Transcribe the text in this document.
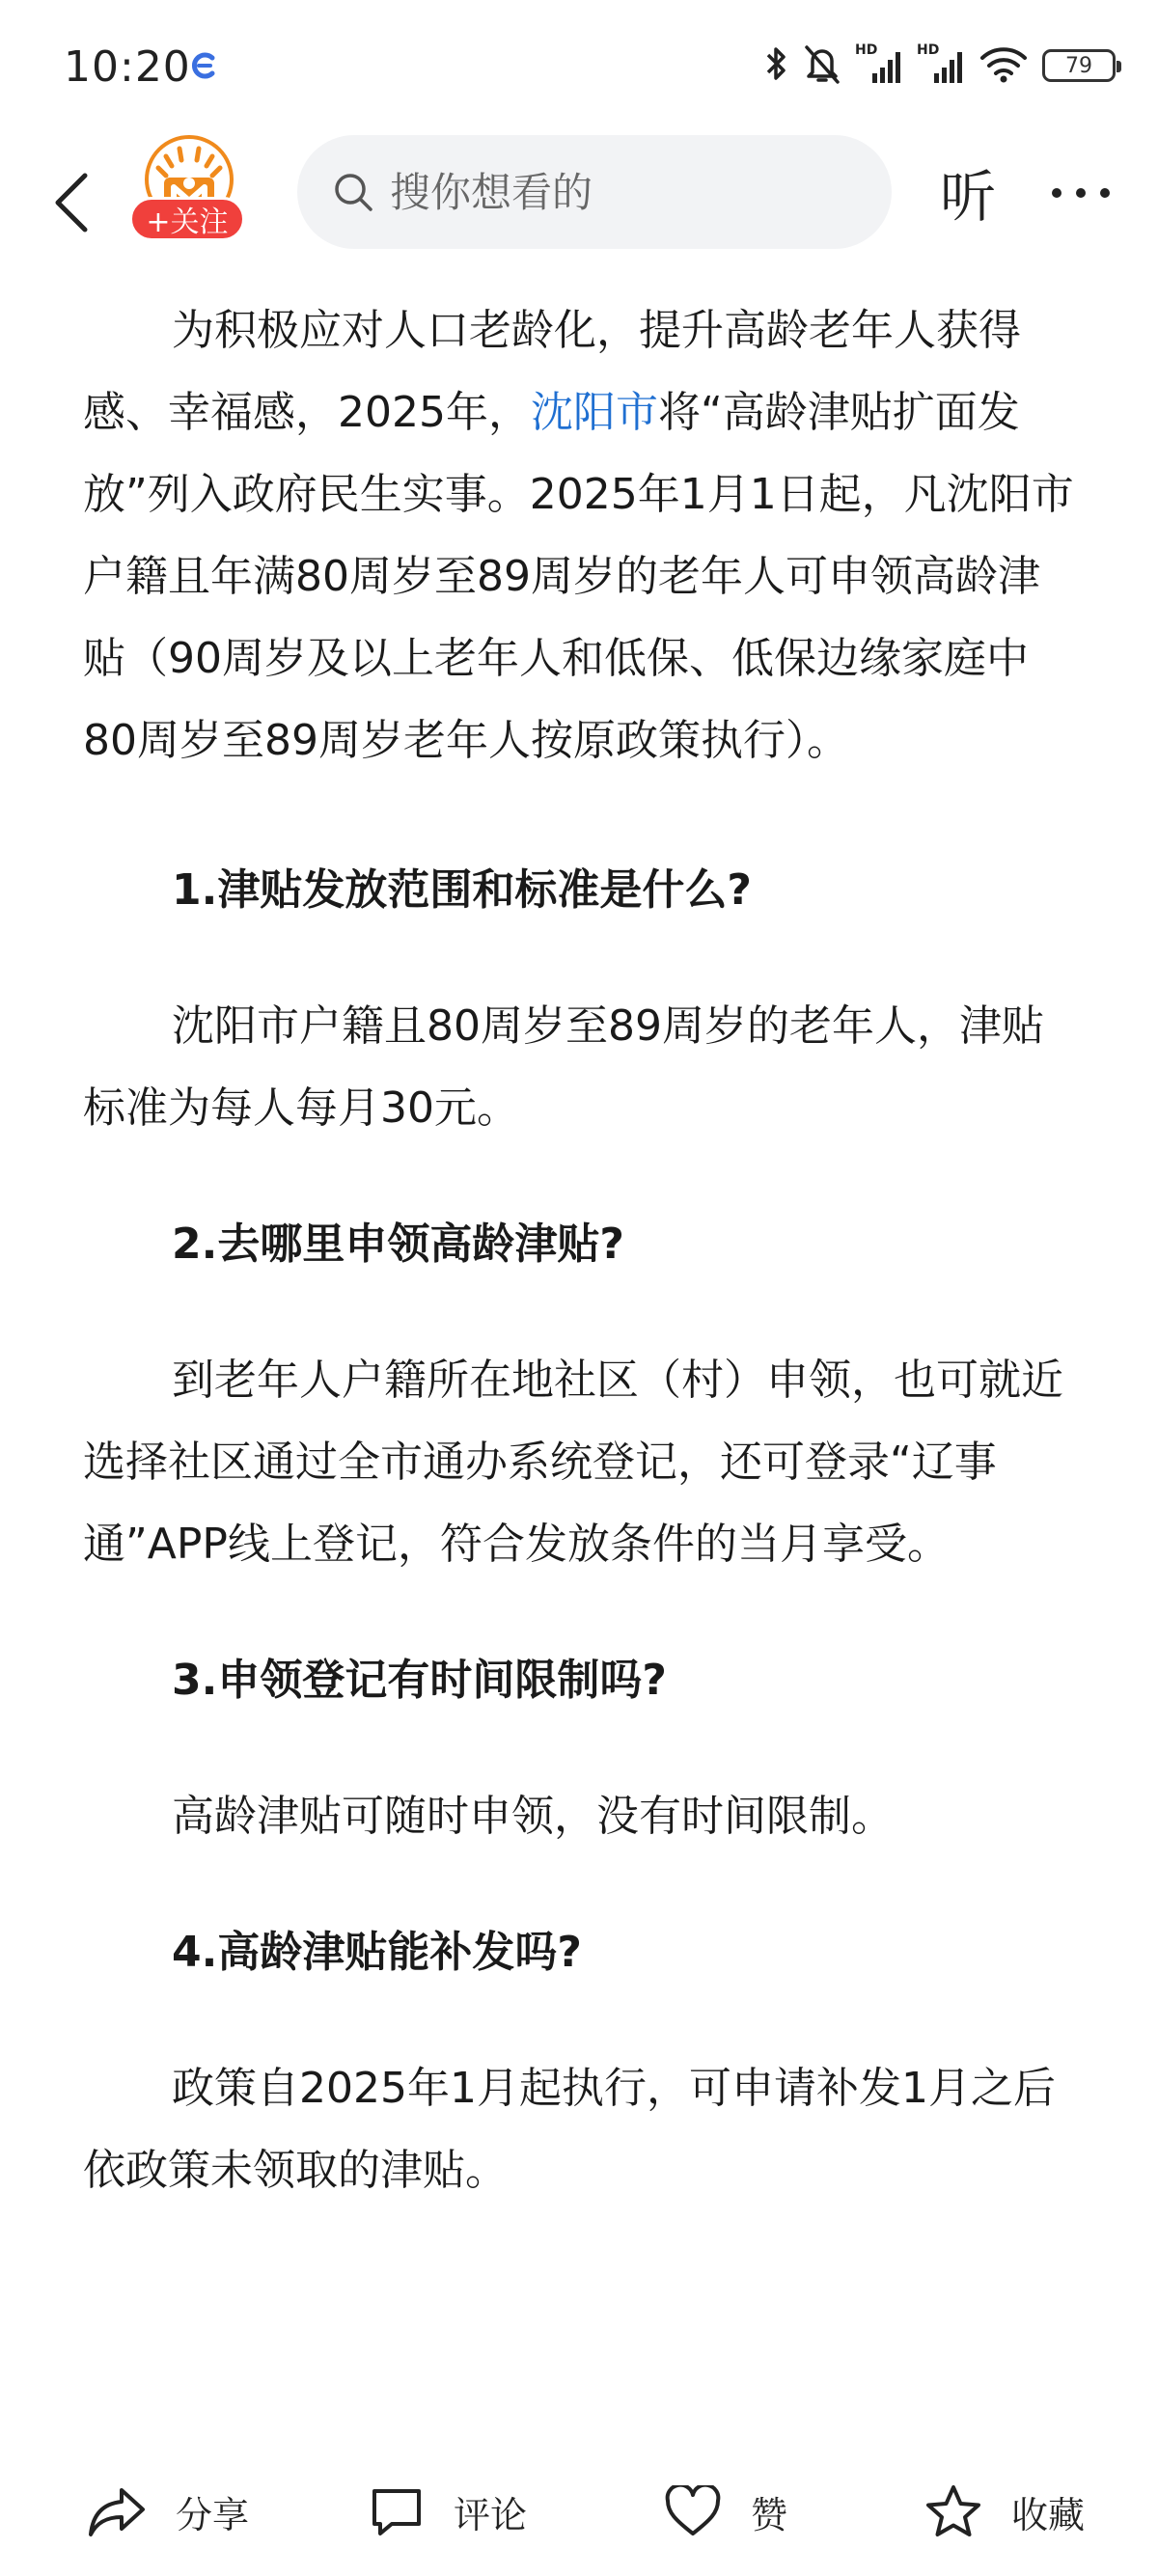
10:20	HD	HD
79
+关注
搜你想看的	听

为积极应对人口老龄化，提升高龄老年人获得感、幸福感，2025年，沈阳市将“高龄津贴扩面发放”列入政府民生实事。2025年1月1日起，凡沈阳市户籍且年满80周岁至89周岁的老年人可申领高龄津贴（90周岁及以上老年人和低保、低保边缘家庭中80周岁至89周岁老年人按原政策执行）。

1.津贴发放范围和标准是什么?

沈阳市户籍且80周岁至89周岁的老年人，津贴标准为每人每月30元。

2.去哪里申领高龄津贴?

到老年人户籍所在地社区（村）申领，也可就近选择社区通过全市通办系统登记，还可登录“辽事通”APP线上登记，符合发放条件的当月享受。

3.申领登记有时间限制吗?

高龄津贴可随时申领，没有时间限制。

4.高龄津贴能补发吗?

政策自2025年1月起执行，可申请补发1月之后依政策未领取的津贴。

分享	评论	赞	收藏
